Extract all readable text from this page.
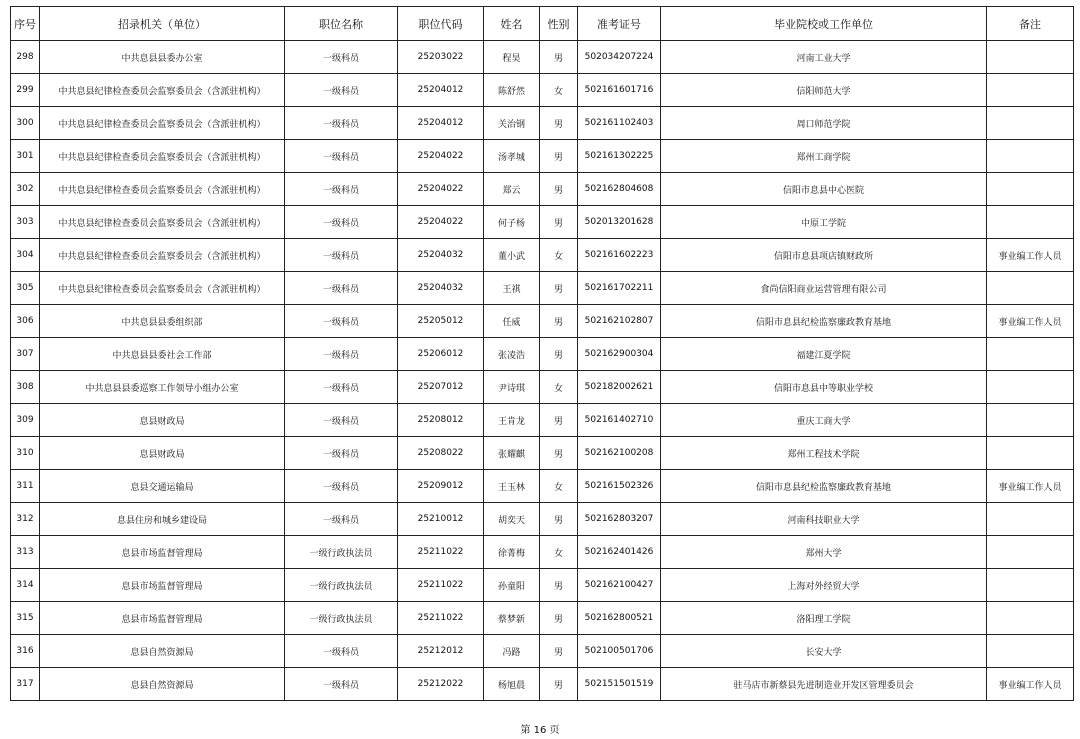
序号	招录机关（单位）	职位名称	职位代码	姓名	性别	准考证号	毕业院校或工作单位	备注
298	中共息县县委办公室	一级科员	25203022	程昊	男	502034207224	河南工业大学	
299	中共息县纪律检查委员会监察委员会（含派驻机构）	一级科员	25204012	陈舒然	女	502161601716	信阳师范大学	
300	中共息县纪律检查委员会监察委员会（含派驻机构）	一级科员	25204012	关治钢	男	502161102403	周口师范学院	
301	中共息县纪律检查委员会监察委员会（含派驻机构）	一级科员	25204022	汤孝城	男	502161302225	郑州工商学院	
302	中共息县纪律检查委员会监察委员会（含派驻机构）	一级科员	25204022	郑云	男	502162804608	信阳市息县中心医院	
303	中共息县纪律检查委员会监察委员会（含派驻机构）	一级科员	25204022	何子杨	男	502013201628	中原工学院	
304	中共息县纪律检查委员会监察委员会（含派驻机构）	一级科员	25204032	董小武	女	502161602223	信阳市息县项店镇财政所	事业编工作人员
305	中共息县纪律检查委员会监察委员会（含派驻机构）	一级科员	25204032	王祺	男	502161702211	食尚信阳商业运营管理有限公司	
306	中共息县县委组织部	一级科员	25205012	任威	男	502162102807	信阳市息县纪检监察廉政教育基地	事业编工作人员
307	中共息县县委社会工作部	一级科员	25206012	张凌浩	男	502162900304	福建江夏学院	
308	中共息县县委巡察工作领导小组办公室	一级科员	25207012	尹诗琪	女	502182002621	信阳市息县中等职业学校	
309	息县财政局	一级科员	25208012	王肯龙	男	502161402710	重庆工商大学	
310	息县财政局	一级科员	25208022	张耀麒	男	502162100208	郑州工程技术学院	
311	息县交通运输局	一级科员	25209012	王玉林	女	502161502326	信阳市息县纪检监察廉政教育基地	事业编工作人员
312	息县住房和城乡建设局	一级科员	25210012	胡奕天	男	502162803207	河南科技职业大学	
313	息县市场监督管理局	一级行政执法员	25211022	徐菁梅	女	502162401426	郑州大学	
314	息县市场监督管理局	一级行政执法员	25211022	孙童阳	男	502162100427	上海对外经贸大学	
315	息县市场监督管理局	一级行政执法员	25211022	蔡梦新	男	502162800521	洛阳理工学院	
316	息县自然资源局	一级科员	25212012	冯路	男	502100501706	长安大学	
317	息县自然资源局	一级科员	25212022	杨旭晨	男	502151501519	驻马店市新蔡县先进制造业开发区管理委员会	事业编工作人员
第 16 页
